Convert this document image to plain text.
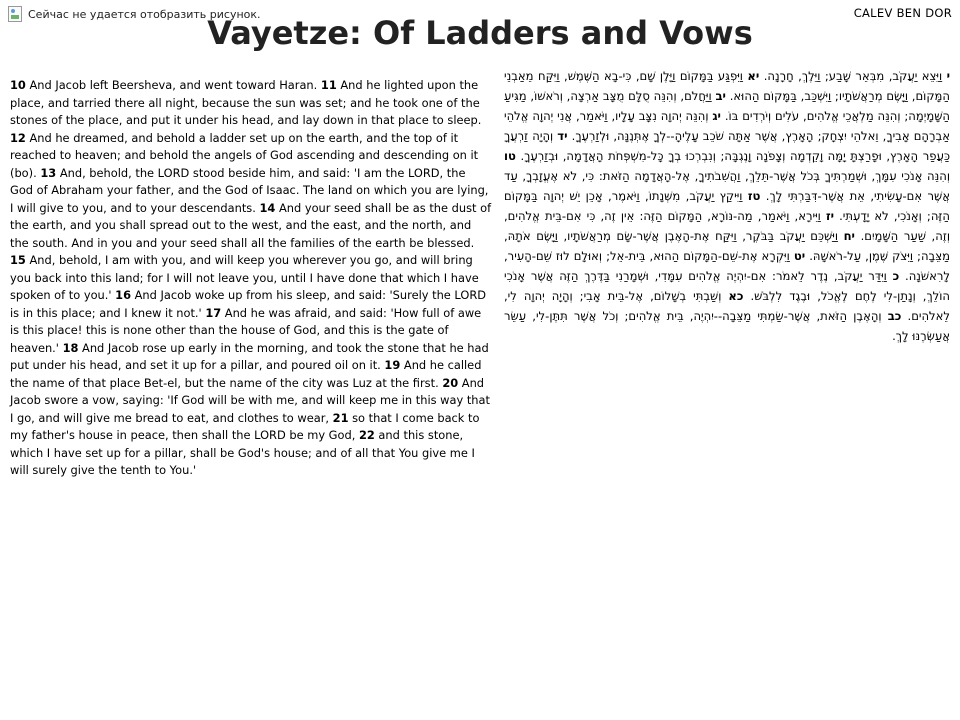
Сейчас не удается отобразить рисунок.	CALEV BEN DOR
Vayetze: Of Ladders and Vows

10 And Jacob left Beersheva, and went toward Haran. 11 And he lighted upon the place, and tarried there all night, because the sun was set; and he took one of the stones of the place, and put it under his head, and lay down in that place to sleep. 12 And he dreamed, and behold a ladder set up on the earth, and the top of it reached to heaven; and behold the angels of God ascending and descending on it (bo). 13 And, behold, the LORD stood beside him, and said: 'I am the LORD, the God of Abraham your father, and the God of Isaac. The land on which you are lying, I will give to you, and to your descendants. 14 And your seed shall be as the dust of the earth, and you shall spread out to the west, and the east, and the north, and the south. And in you and your seed shall all the families of the earth be blessed. 15 And, behold, I am with you, and will keep you wherever you go, and will bring you back into this land; for I will not leave you, until I have done that which I have spoken of to you.' 16 And Jacob woke up from his sleep, and said: 'Surely the LORD is in this place; and I knew it not.' 17 And he was afraid, and said: 'How full of awe is this place! this is none other than the house of God, and this is the gate of heaven.' 18 And Jacob rose up early in the morning, and took the stone that he had put under his head, and set it up for a pillar, and poured oil on it. 19 And he called the name of that place Bet-el, but the name of the city was Luz at the first. 20 And Jacob swore a vow, saying: 'If God will be with me, and will keep me in this way that I go, and will give me bread to eat, and clothes to wear, 21 so that I come back to my father's house in peace, then shall the LORD be my God, 22 and this stone, which I have set up for a pillar, shall be God's house; and of all that You give me I will surely give the tenth to You.'

י וַיֵּצֵא יַעֲקֹב, מִבְּאֵר שָׁבַע; וַיֵּלֶךְ, חָרָנָה. יא וַיִּפְגַּע בַּמָּקוֹם וַיָּלֶן שָׁם, כִּי-בָא הַשֶּׁמֶשׁ, וַיִּקַּח מֵאַבְנֵי הַמָּקוֹם, וַיָּשֶׂם מְרַאֲשֹׁתָיו; וַיִּשְׁכַּב, בַּמָּקוֹם הַהוּא. יב וַיַּחֲלֹם, וְהִנֵּה סֻלָּם מֻצָּב אַרְצָה, וְרֹאשׁוֹ, מַגִּיעַ הַשָּׁמָיְמָה; וְהִנֵּה מַלְאֲכֵי אֱלֹהִים, עֹלִים וְיֹרְדִים בּוֹ. יג וְהִנֵּה יְהוָה נִצָּב עָלָיו, וַיֹּאמַר, אֲנִי יְהוָה אֱלֹהֵי אַבְרָהָם אָבִיךָ, וֵאלֹהֵי יִצְחָק; הָאָרֶץ, אֲשֶׁר אַתָּה שֹׁכֵב עָלֶיהָ--לְךָ אֶתְּנֶנָּה, וּלְזַרְעֶךָ. יד וְהָיָה זַרְעֲךָ כַּעֲפַר הָאָרֶץ, וּפָרַצְתָּ יָמָּה וָקֵדְמָה וְצָפֹנָה וָנֶגְבָּה; וְנִבְרְכוּ בְךָ כָּל-מִשְׁפְּחֹת הָאֲדָמָה, וּבְזַרְעֶךָ. טו וְהִנֵּה אָנֹכִי עִמָּךְ, וּשְׁמַרְתִּיךָ בְּכֹל אֲשֶׁר-תֵּלֵךְ, וַהֲשִׁבֹתִיךָ, אֶל-הָאֲדָמָה הַזֹּאת: כִּי, לֹא אֶעֱזָבְךָ, עַד אֲשֶׁר אִם-עָשִׂיתִי, אֵת אֲשֶׁר-דִּבַּרְתִּי לָךְ. טז וַיִּיקַץ יַעֲקֹב, מִשְּׁנָתוֹ, וַיֹּאמֶר, אָכֵן יֵשׁ יְהוָה בַּמָּקוֹם הַזֶּה; וְאָנֹכִי, לֹא יָדָעְתִּי. יז וַיִּירָא, וַיֹּאמַר, מַה-נּוֹרָא, הַמָּקוֹם הַזֶּה: אֵין זֶה, כִּי אִם-בֵּית אֱלֹהִים, וְזֶה, שַׁעַר הַשָּׁמָיִם. יח וַיַּשְׁכֵּם יַעֲקֹב בַּבֹּקֶר, וַיִּקַּח אֶת-הָאֶבֶן אֲשֶׁר-שָׂם מְרַאֲשֹׁתָיו, וַיָּשֶׂם אֹתָהּ, מַצֵּבָה; וַיִּצֹק שֶׁמֶן, עַל-רֹאשָׁהּ. יט וַיִּקְרָא אֶת-שֵׁם-הַמָּקוֹם הַהוּא, בֵּית-אֵל; וְאוּלָם לוּז שֵׁם-הָעִיר, לָרִאשֹׁנָה. כ וַיִּדַּר יַעֲקֹב, נֶדֶר לֵאמֹר: אִם-יִהְיֶה אֱלֹהִים עִמָּדִי, וּשְׁמָרַנִי בַּדֶּרֶךְ הַזֶּה אֲשֶׁר אָנֹכִי הוֹלֵךְ, וְנָתַן-לִי לֶחֶם לֶאֱכֹל, וּבֶגֶד לִלְבֹּשׁ. כא וְשַׁבְתִּי בְשָׁלוֹם, אֶל-בֵּית אָבִי; וְהָיָה יְהוָה לִי, לֵאלֹהִים. כב וְהָאֶבֶן הַזֹּאת, אֲשֶׁר-שַׂמְתִּי מַצֵּבָה--יִהְיֶה, בֵּית אֱלֹהִים; וְכֹל אֲשֶׁר תִּתֶּן-לִי, עַשֵּׂר אֲעַשְּׂרֶנּוּ לָךְ.
